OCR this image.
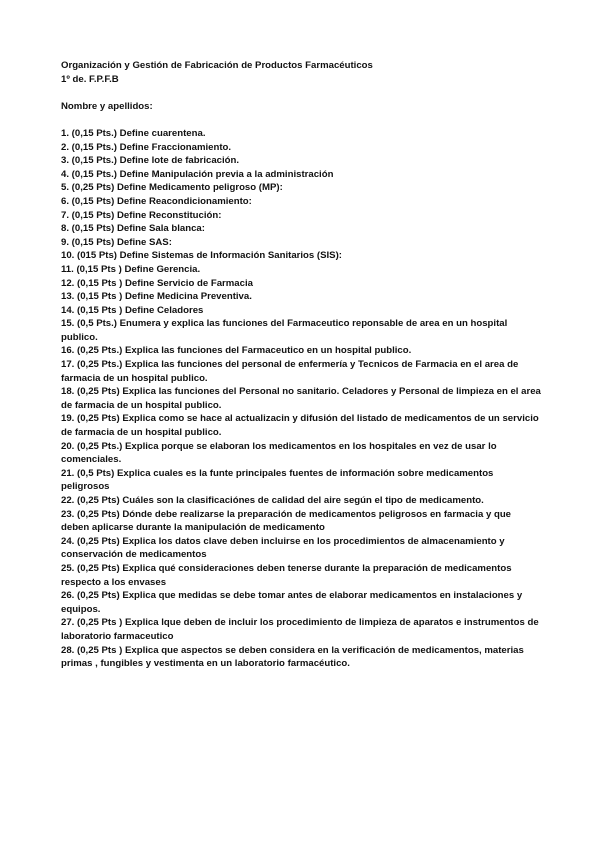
Organización y Gestión de Fabricación de Productos Farmacéuticos
1º de. F.P.F.B
Nombre y apellidos:
1. (0,15 Pts.) Define cuarentena.
2. (0,15 Pts.) Define Fraccionamiento.
3. (0,15 Pts.) Define lote de fabricación.
4. (0,15 Pts.) Define Manipulación previa a la administración
5. (0,25 Pts) Define Medicamento peligroso (MP):
6. (0,15 Pts) Define Reacondicionamiento:
7. (0,15 Pts) Define Reconstitución:
8. (0,15 Pts) Define Sala blanca:
9. (0,15 Pts) Define SAS:
10. (015 Pts) Define Sistemas de Información Sanitarios (SIS):
11. (0,15 Pts ) Define Gerencia.
12. (0,15 Pts ) Define Servicio de Farmacia
13. (0,15 Pts ) Define Medicina Preventiva.
14. (0,15 Pts ) Define Celadores
15. (0,5 Pts.) Enumera y explica las funciones del Farmaceutico reponsable de area en un hospital publico.
16. (0,25 Pts.) Explica las funciones del Farmaceutico en un hospital publico.
17. (0,25 Pts.) Explica las funciones del personal de enfermería y Tecnicos de Farmacia en el area de farmacia de un hospital publico.
18. (0,25 Pts) Explica las funciones del Personal no sanitario. Celadores y Personal de limpieza en el area de farmacia de un hospital publico.
19. (0,25 Pts) Explica como se hace al actualizacin y difusión del listado de medicamentos de un servicio de farmacia de un hospital publico.
20. (0,25 Pts.) Explica porque se elaboran los medicamentos en los hospitales en vez de usar lo comenciales.
21. (0,5 Pts) Explica cuales es la funte principales fuentes de información sobre medicamentos peligrosos
22. (0,25 Pts) Cuáles son la clasificaciónes de calidad del aire según el tipo de medicamento.
23. (0,25 Pts) Dónde debe realizarse la preparación de medicamentos peligrosos en farmacia y que deben aplicarse durante la manipulación de medicamento
24. (0,25 Pts) Explica los datos clave deben incluirse en los procedimientos de almacenamiento y conservación de medicamentos
25. (0,25 Pts) Explica qué consideraciones deben tenerse durante la preparación de medicamentos respecto a los envases
26. (0,25 Pts) Explica que medidas se debe tomar antes de elaborar medicamentos en instalaciones y equipos.
27. (0,25 Pts ) Explica lque deben de incluir los procedimiento de limpieza de aparatos e instrumentos de laboratorio farmaceutico
28. (0,25 Pts ) Explica que aspectos se deben considera en la verificación de medicamentos, materias primas , fungibles y vestimenta en un laboratorio farmacéutico.
